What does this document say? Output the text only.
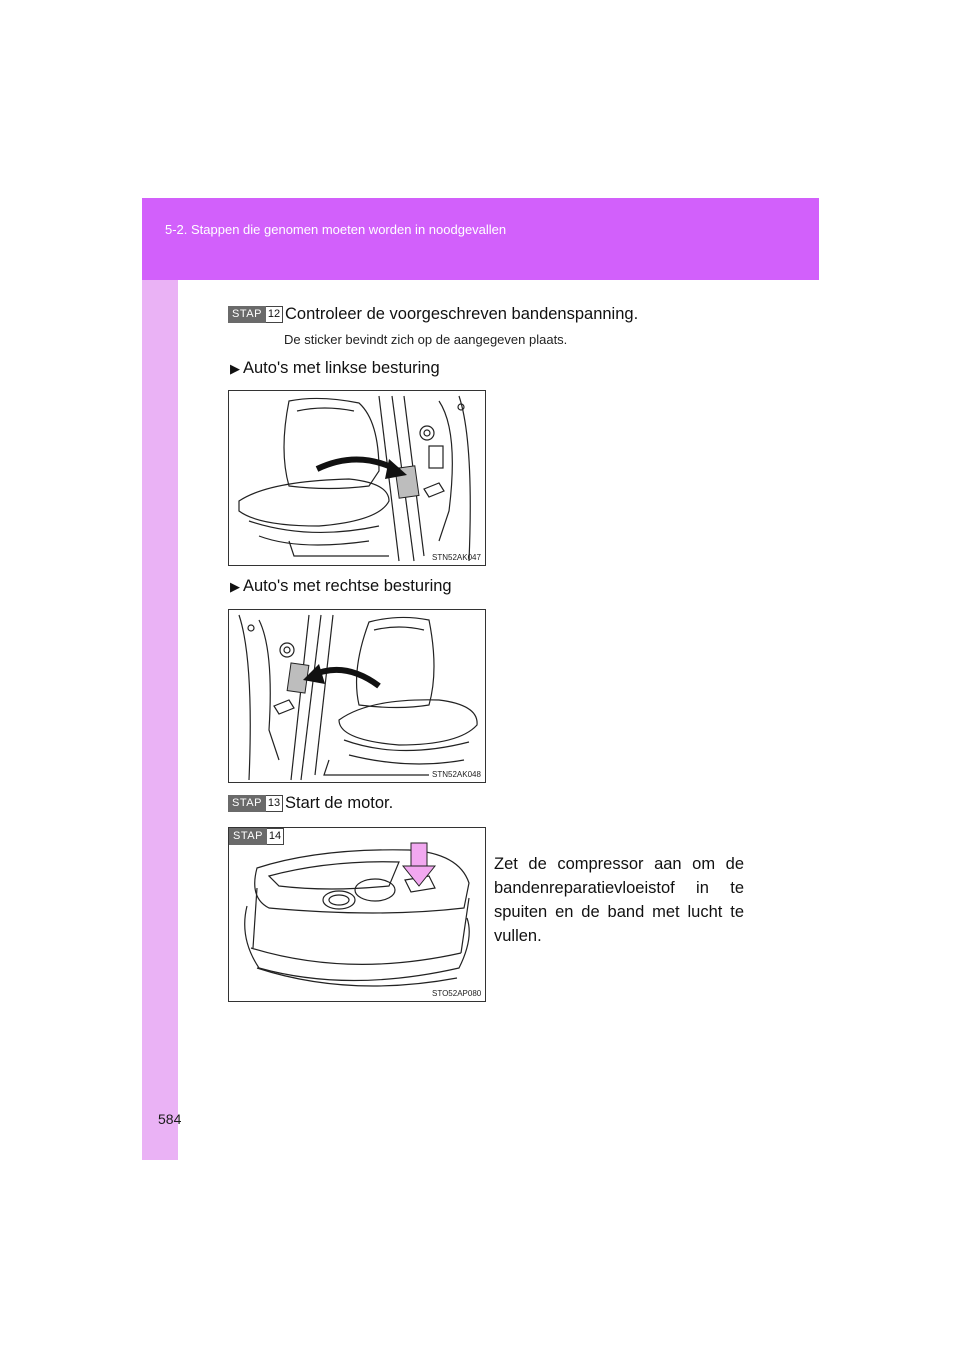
5-2. Stappen die genomen moeten worden in noodgevallen
STAP 12 Controleer de voorgeschreven bandenspanning.
De sticker bevindt zich op de aangegeven plaats.
▶ Auto's met linkse besturing
STN52AK047
▶ Auto's met rechtse besturing
STN52AK048
STAP 13 Start de motor.
STAP 14
STO52AP080
Zet de compressor aan om de bandenreparatievloeistof in te spuiten en de band met lucht te vullen.
584
